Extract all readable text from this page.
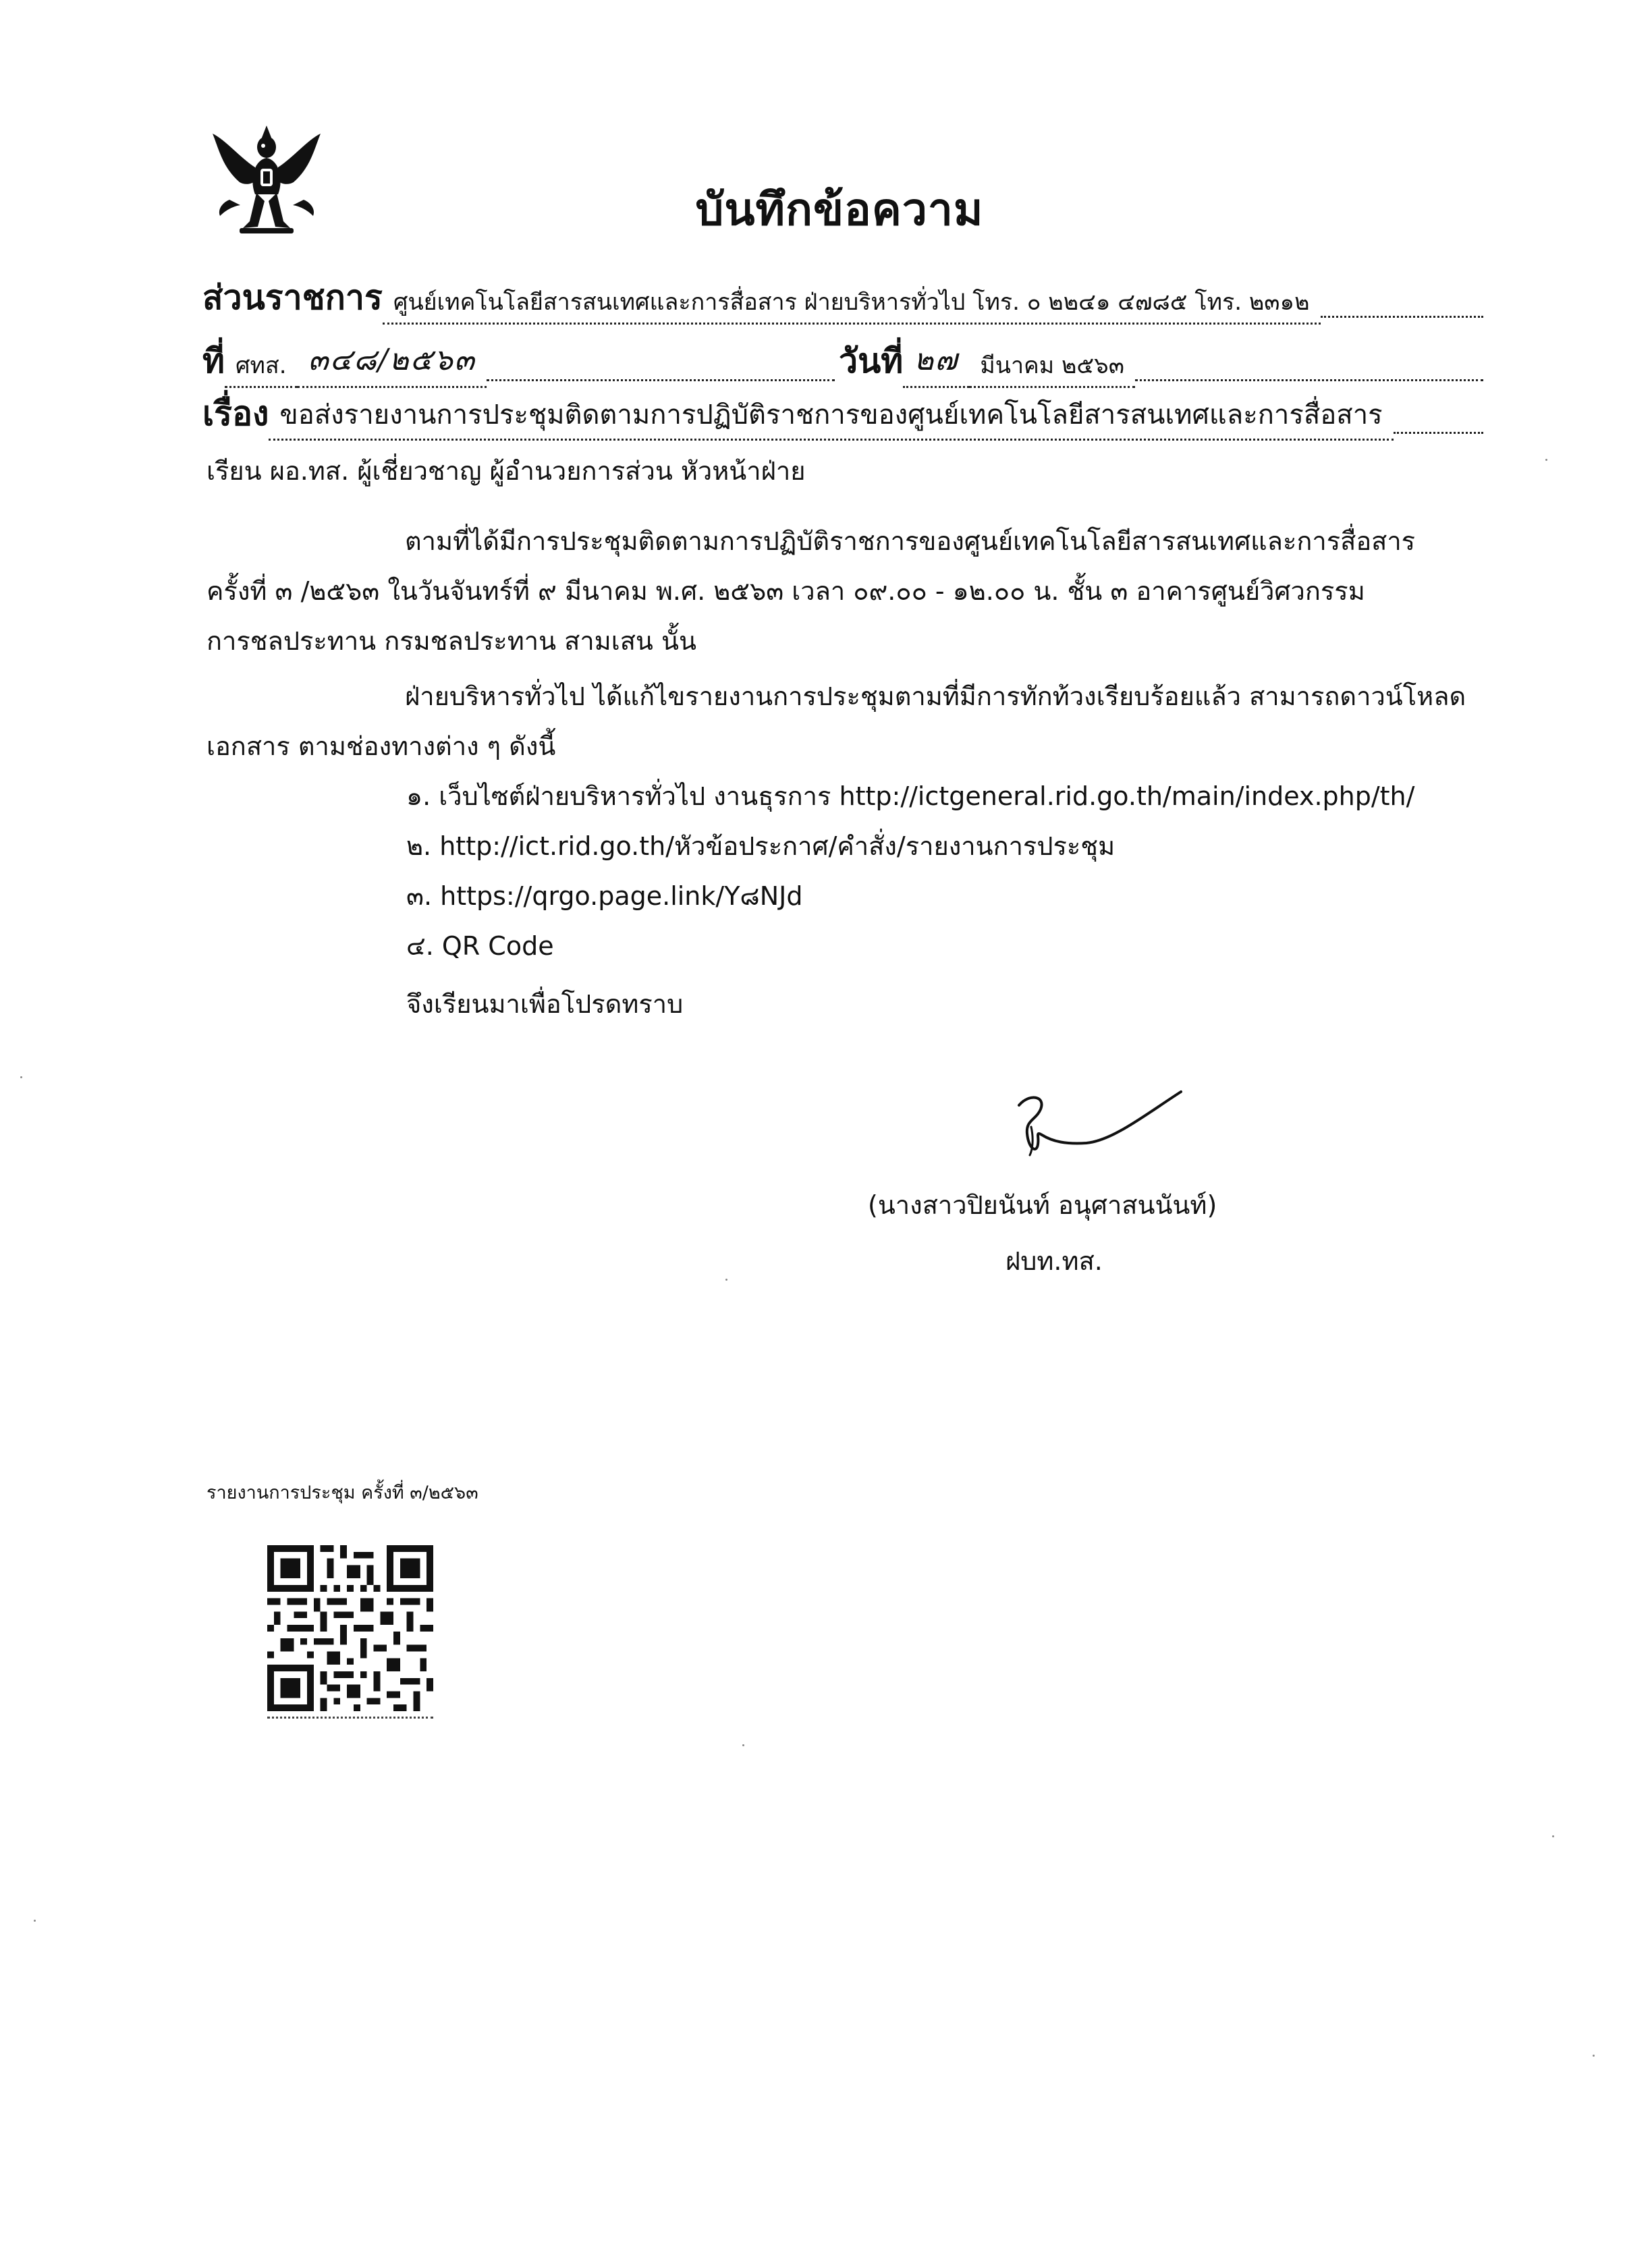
บันทึกข้อความ
ส่วนราชการ ศูนย์เทคโนโลยีสารสนเทศและการสื่อสาร ฝ่ายบริหารทั่วไป โทร. ๐ ๒๒๔๑ ๔๗๘๕ โทร. ๒๓๑๒
ที่ ศทส. ๓๔๘/๒๕๖๓	วันที่ ๒๗ มีนาคม ๒๕๖๓
เรื่อง ขอส่งรายงานการประชุมติดตามการปฏิบัติราชการของศูนย์เทคโนโลยีสารสนเทศและการสื่อสาร
เรียน ผอ.ทส. ผู้เชี่ยวชาญ ผู้อำนวยการส่วน หัวหน้าฝ่าย
ตามที่ได้มีการประชุมติดตามการปฏิบัติราชการของศูนย์เทคโนโลยีสารสนเทศและการสื่อสาร
ครั้งที่ ๓ /๒๕๖๓ ในวันจันทร์ที่ ๙ มีนาคม พ.ศ. ๒๕๖๓ เวลา ๐๙.๐๐ - ๑๒.๐๐ น. ชั้น ๓ อาคารศูนย์วิศวกรรม
การชลประทาน กรมชลประทาน สามเสน นั้น
ฝ่ายบริหารทั่วไป ได้แก้ไขรายงานการประชุมตามที่มีการทักท้วงเรียบร้อยแล้ว สามารถดาวน์โหลด
เอกสาร ตามช่องทางต่าง ๆ ดังนี้
๑. เว็บไซต์ฝ่ายบริหารทั่วไป งานธุรการ http://ictgeneral.rid.go.th/main/index.php/th/
๒. http://ict.rid.go.th/หัวข้อประกาศ/คำสั่ง/รายงานการประชุม
๓. https://qrgo.page.link/Y๘NJd
๔. QR Code
จึงเรียนมาเพื่อโปรดทราบ
(นางสาวปิยนันท์ อนุศาสนนันท์)
ฝบท.ทส.
รายงานการประชุม ครั้งที่ ๓/๒๕๖๓
